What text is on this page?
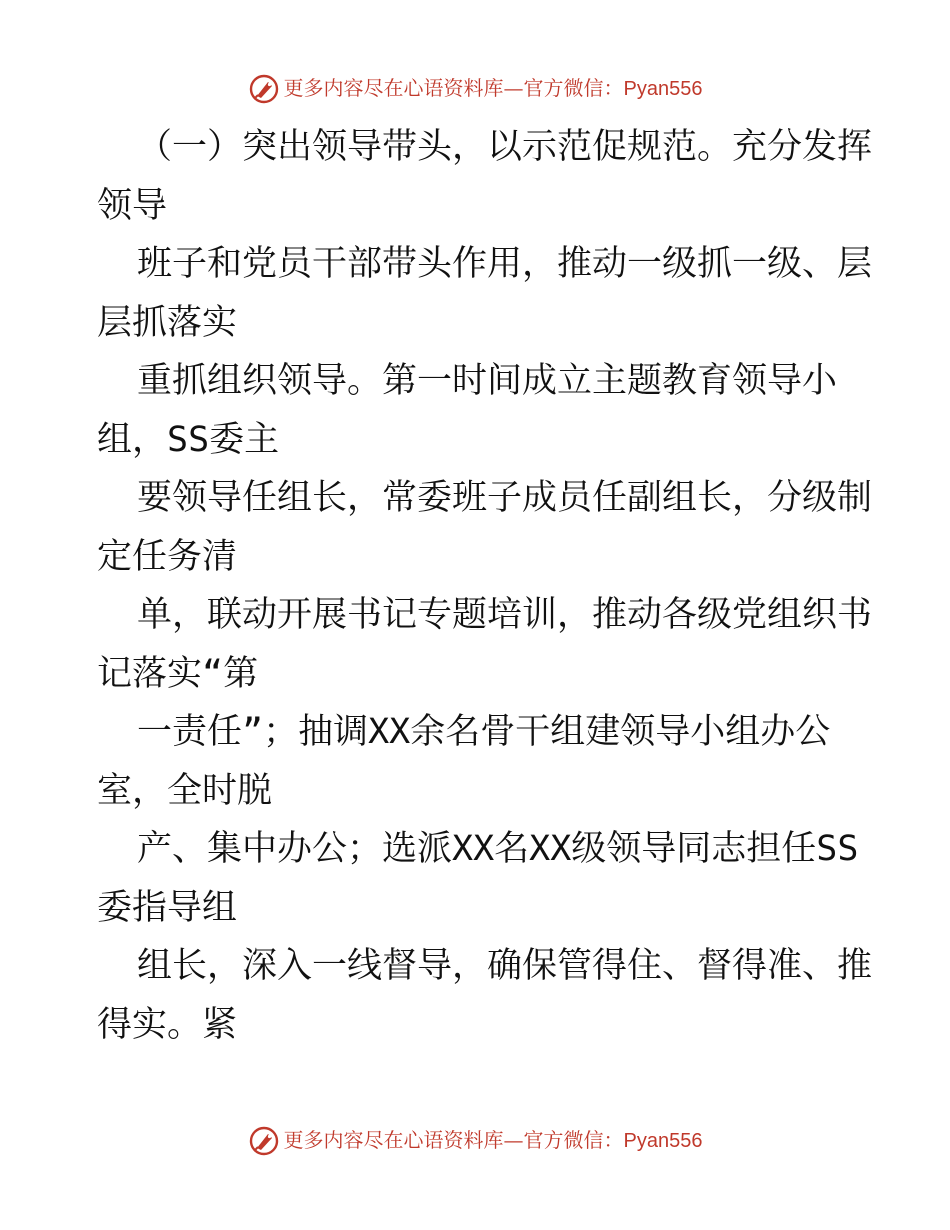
更多内容尽在心语资料库—官方微信：Pyan556
（一）突出领导带头，以示范促规范。充分发挥
领导
班子和党员干部带头作用，推动一级抓一级、层
层抓落实
重抓组织领导。第一时间成立主题教育领导小
组，SS委主
要领导任组长，常委班子成员任副组长，分级制
定任务清
单，联动开展书记专题培训，推动各级党组织书
记落实“第
一责任”；抽调XX余名骨干组建领导小组办公
室，全时脱
产、集中办公；选派XX名XX级领导同志担任SS
委指导组
组长，深入一线督导，确保管得住、督得准、推
得实。紧
更多内容尽在心语资料库—官方微信：Pyan556
